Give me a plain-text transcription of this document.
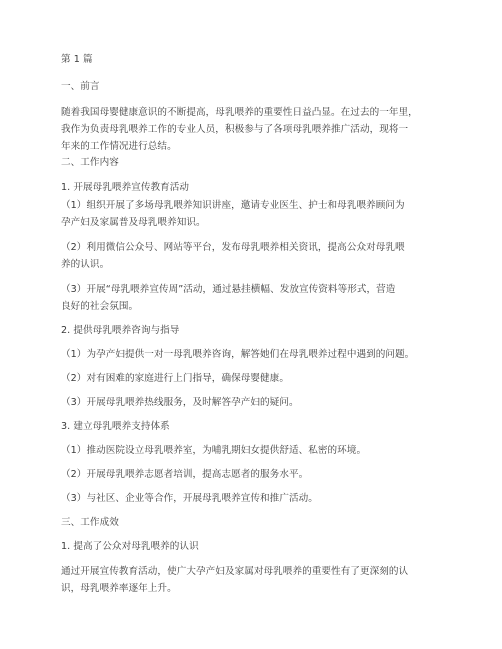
第 1 篇
一、前言
随着我国母婴健康意识的不断提高，母乳喂养的重要性日益凸显。在过去的一年里，
我作为负责母乳喂养工作的专业人员，积极参与了各项母乳喂养推广活动，现将一
年来的工作情况进行总结。
二、工作内容
1. 开展母乳喂养宣传教育活动
（1）组织开展了多场母乳喂养知识讲座，邀请专业医生、护士和母乳喂养顾问为
孕产妇及家属普及母乳喂养知识。
（2）利用微信公众号、网站等平台，发布母乳喂养相关资讯，提高公众对母乳喂
养的认识。
（3）开展“母乳喂养宣传周”活动，通过悬挂横幅、发放宣传资料等形式，营造
良好的社会氛围。
2. 提供母乳喂养咨询与指导
（1）为孕产妇提供一对一母乳喂养咨询，解答她们在母乳喂养过程中遇到的问题。
（2）对有困难的家庭进行上门指导，确保母婴健康。
（3）开展母乳喂养热线服务，及时解答孕产妇的疑问。
3. 建立母乳喂养支持体系
（1）推动医院设立母乳喂养室，为哺乳期妇女提供舒适、私密的环境。
（2）开展母乳喂养志愿者培训，提高志愿者的服务水平。
（3）与社区、企业等合作，开展母乳喂养宣传和推广活动。
三、工作成效
1. 提高了公众对母乳喂养的认识
通过开展宣传教育活动，使广大孕产妇及家属对母乳喂养的重要性有了更深刻的认
识，母乳喂养率逐年上升。
